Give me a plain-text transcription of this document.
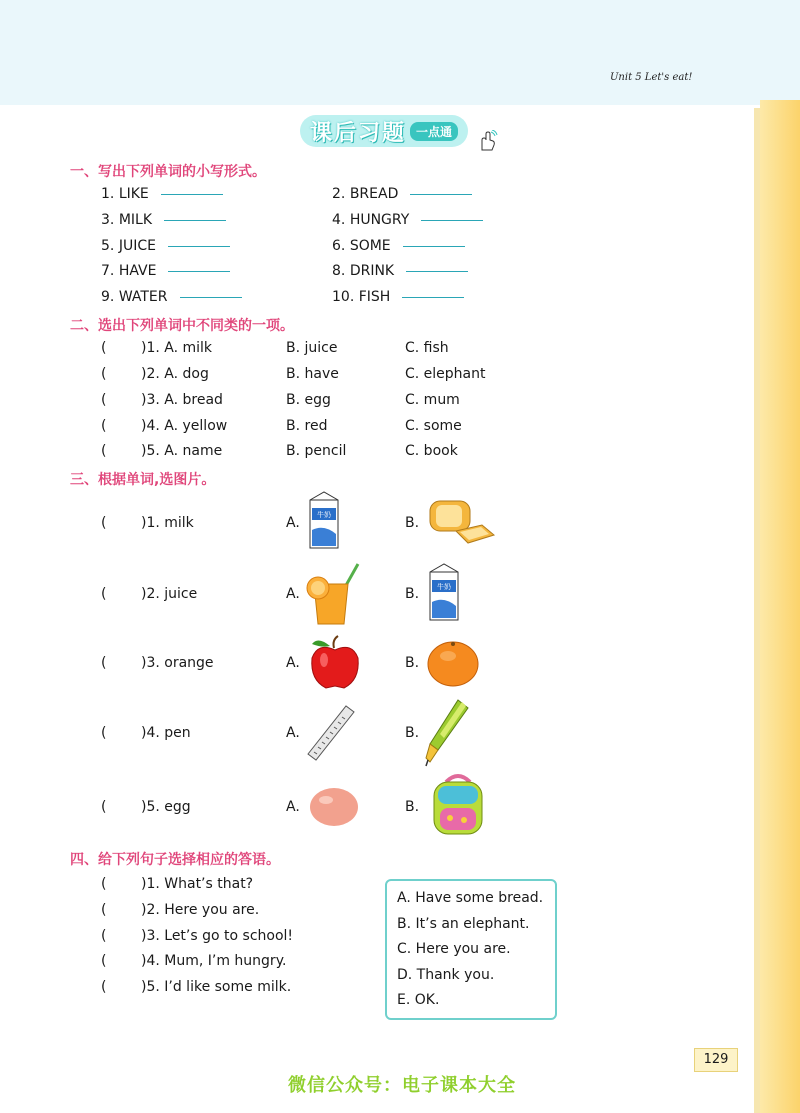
Unit 5 Let's eat!
课后习题 一点通
一、写出下列单词的小写形式。
1. LIKE	2. BREAD
3. MILK	4. HUNGRY
5. JUICE	6. SOME
7. HAVE	8. DRINK
9. WATER	10. FISH
二、选出下列单词中不同类的一项。
( )1. A. milk	B. juice	C. fish
( )2. A. dog	B. have	C. elephant
( )3. A. bread	B. egg	C. mum
( )4. A. yellow	B. red	C. some
( )5. A. name	B. pencil	C. book
三、根据单词,选图片。
( )1. milk	A.	B.
牛奶
( )2. juice	A.	B.	牛奶
( )3. orange	A.	B.
( )4. pen	A.	B.
( )5. egg	A.	B.
四、给下列句子选择相应的答语。
( )1. What’s that?
( )2. Here you are.
( )3. Let’s go to school!
( )4. Mum, I’m hungry.
( )5. I’d like some milk.
A. Have some bread.
B. It’s an elephant.
C. Here you are.
D. Thank you.
E. OK.
129
微信公众号：电子课本大全
